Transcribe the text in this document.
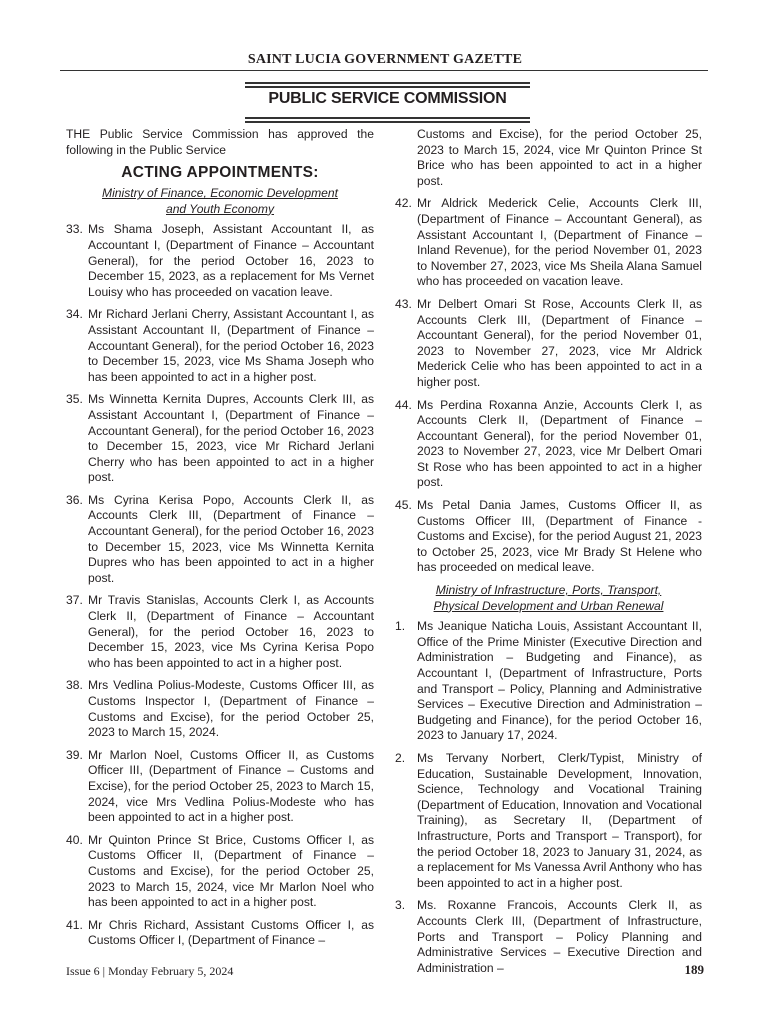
SAINT LUCIA GOVERNMENT GAZETTE
PUBLIC SERVICE COMMISSION

THE Public Service Commission has approved the following in the Public Service

ACTING APPOINTMENTS:

Ministry of Finance, Economic Development
and Youth Economy
33. Ms Shama Joseph, Assistant Accountant II, as Accountant I, (Department of Finance – Accountant General), for the period October 16, 2023 to December 15, 2023, as a replacement for Ms Vernet Louisy who has proceeded on vacation leave.
34. Mr Richard Jerlani Cherry, Assistant Accountant I, as Assistant Accountant II, (Department of Finance – Accountant General), for the period October 16, 2023 to December 15, 2023, vice Ms Shama Joseph who has been appointed to act in a higher post.
35. Ms Winnetta Kernita Dupres, Accounts Clerk III, as Assistant Accountant I, (Department of Finance – Accountant General), for the period October 16, 2023 to December 15, 2023, vice Mr Richard Jerlani Cherry who has been appointed to act in a higher post.
36. Ms Cyrina Kerisa Popo, Accounts Clerk II, as Accounts Clerk III, (Department of Finance – Accountant General), for the period October 16, 2023 to December 15, 2023, vice Ms Winnetta Kernita Dupres who has been appointed to act in a higher post.
37. Mr Travis Stanislas, Accounts Clerk I, as Accounts Clerk II, (Department of Finance – Accountant General), for the period October 16, 2023 to December 15, 2023, vice Ms Cyrina Kerisa Popo who has been appointed to act in a higher post.
38. Mrs Vedlina Polius-Modeste, Customs Officer III, as Customs Inspector I, (Department of Finance – Customs and Excise), for the period October 25, 2023 to March 15, 2024.
39. Mr Marlon Noel, Customs Officer II, as Customs Officer III, (Department of Finance – Customs and Excise), for the period October 25, 2023 to March 15, 2024, vice Mrs Vedlina Polius-Modeste who has been appointed to act in a higher post.
40. Mr Quinton Prince St Brice, Customs Officer I, as Customs Officer II, (Department of Finance – Customs and Excise), for the period October 25, 2023 to March 15, 2024, vice Mr Marlon Noel who has been appointed to act in a higher post.
41. Mr Chris Richard, Assistant Customs Officer I, as Customs Officer I, (Department of Finance –

Customs and Excise), for the period October 25, 2023 to March 15, 2024, vice Mr Quinton Prince St Brice who has been appointed to act in a higher post.

42. Mr Aldrick Mederick Celie, Accounts Clerk III, (Department of Finance – Accountant General), as Assistant Accountant I, (Department of Finance – Inland Revenue), for the period November 01, 2023 to November 27, 2023, vice Ms Sheila Alana Samuel who has proceeded on vacation leave.
43. Mr Delbert Omari St Rose, Accounts Clerk II, as Accounts Clerk III, (Department of Finance – Accountant General), for the period November 01, 2023 to November 27, 2023, vice Mr Aldrick Mederick Celie who has been appointed to act in a higher post.
44. Ms Perdina Roxanna Anzie, Accounts Clerk I, as Accounts Clerk II, (Department of Finance – Accountant General), for the period November 01, 2023 to November 27, 2023, vice Mr Delbert Omari St Rose who has been appointed to act in a higher post.
45. Ms Petal Dania James, Customs Officer II, as Customs Officer III, (Department of Finance - Customs and Excise), for the period August 21, 2023 to October 25, 2023, vice Mr Brady St Helene who has proceeded on medical leave.
Ministry of Infrastructure, Ports, Transport,
Physical Development and Urban Renewal
1. Ms Jeanique Naticha Louis, Assistant Accountant II, Office of the Prime Minister (Executive Direction and Administration – Budgeting and Finance), as Accountant I, (Department of Infrastructure, Ports and Transport – Policy, Planning and Administrative Services – Executive Direction and Administration – Budgeting and Finance), for the period October 16, 2023 to January 17, 2024.
2. Ms Tervany Norbert, Clerk/Typist, Ministry of Education, Sustainable Development, Innovation, Science, Technology and Vocational Training (Department of Education, Innovation and Vocational Training), as Secretary II, (Department of Infrastructure, Ports and Transport – Transport), for the period October 18, 2023 to January 31, 2024, as a replacement for Ms Vanessa Avril Anthony who has been appointed to act in a higher post.
3. Ms. Roxanne Francois, Accounts Clerk II, as Accounts Clerk III, (Department of Infrastructure, Ports and Transport – Policy Planning and Administrative Services – Executive Direction and Administration –
Issue 6 | Monday February 5, 2024	189
